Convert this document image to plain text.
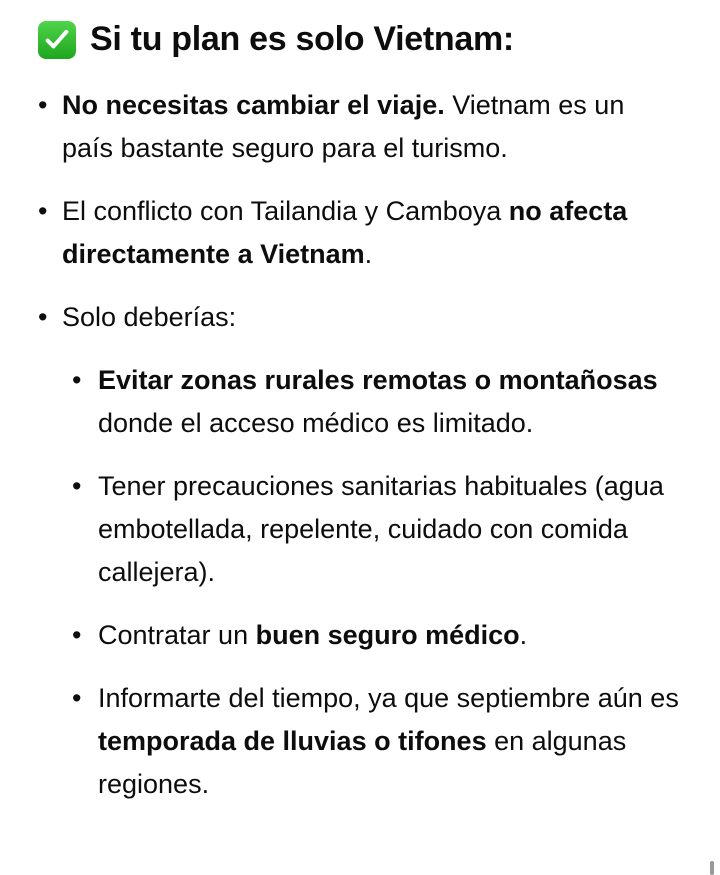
Si tu plan es solo Vietnam:
• No necesitas cambiar el viaje. Vietnam es un país bastante seguro para el turismo.
• El conflicto con Tailandia y Camboya no afecta directamente a Vietnam.
• Solo deberías:
• Evitar zonas rurales remotas o montañosas donde el acceso médico es limitado.
• Tener precauciones sanitarias habituales (agua embotellada, repelente, cuidado con comida callejera).
• Contratar un buen seguro médico.
• Informarte del tiempo, ya que septiembre aún es temporada de lluvias o tifones en algunas regiones.
